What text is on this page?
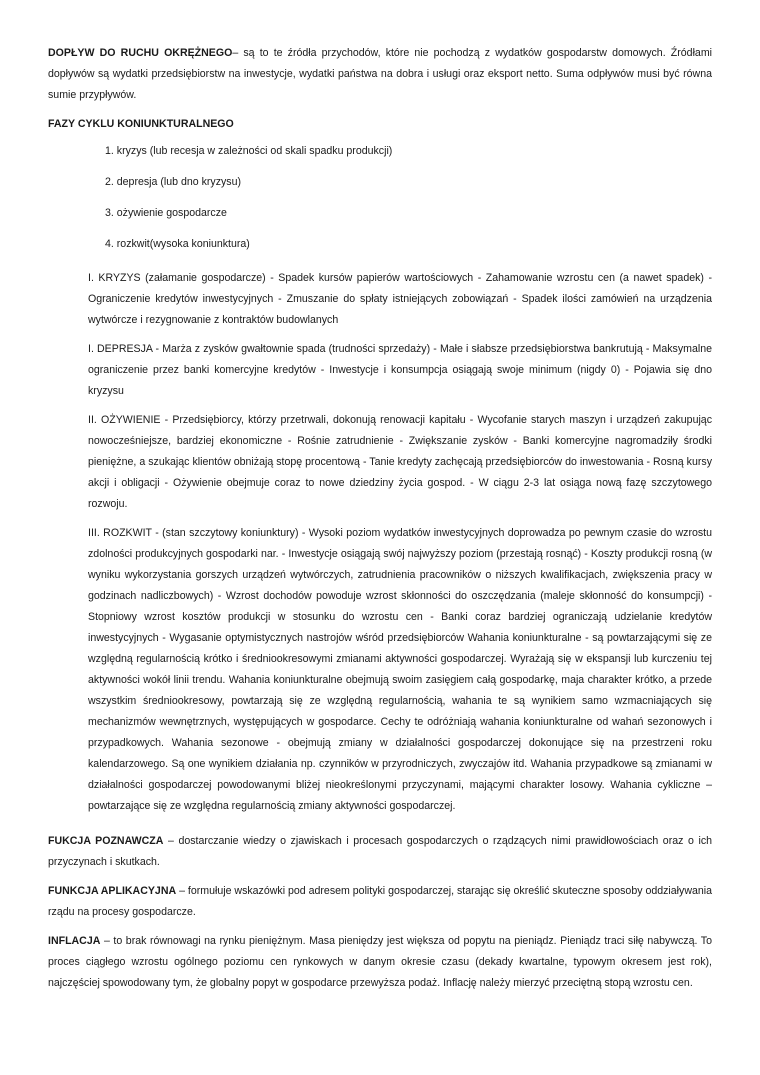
DOPŁYW DO RUCHU OKRĘŻNEGO– są to te źródła przychodów, które nie pochodzą z wydatków gospodarstw domowych. Źródłami dopływów są wydatki przedsiębiorstw na inwestycje, wydatki państwa na dobra i usługi oraz eksport netto. Suma odpływów musi być równa sumie przypływów.

FAZY CYKLU KONIUNKTURALNEGO

1. kryzys (lub recesja w zależności od skali spadku produkcji)

2. depresja (lub dno kryzysu)

3. ożywienie gospodarcze

4. rozkwit(wysoka koniunktura)

I. KRYZYS (załamanie gospodarcze) - Spadek kursów papierów wartościowych - Zahamowanie wzrostu cen (a nawet spadek) - Ograniczenie kredytów inwestycyjnych - Zmuszanie do spłaty istniejących zobowiązań - Spadek ilości zamówień na urządzenia wytwórcze i rezygnowanie z kontraktów budowlanych

I. DEPRESJA - Marża z zysków gwałtownie spada (trudności sprzedaży) - Małe i słabsze przedsiębiorstwa bankrutują - Maksymalne ograniczenie przez banki komercyjne kredytów - Inwestycje i konsumpcja osiągają swoje minimum (nigdy 0) - Pojawia się dno kryzysu

II. OŻYWIENIE - Przedsiębiorcy, którzy przetrwali, dokonują renowacji kapitału - Wycofanie starych maszyn i urządzeń zakupując nowocześniejsze, bardziej ekonomiczne - Rośnie zatrudnienie - Zwiększanie zysków - Banki komercyjne nagromadziły środki pieniężne, a szukając klientów obniżają stopę procentową - Tanie kredyty zachęcają przedsiębiorców do inwestowania - Rosną kursy akcji i obligacji - Ożywienie obejmuje coraz to nowe dziedziny życia gospod. - W ciągu 2-3 lat osiąga nową fazę szczytowego rozwoju.

III. ROZKWIT - (stan szczytowy koniunktury) - Wysoki poziom wydatków inwestycyjnych doprowadza po pewnym czasie do wzrostu zdolności produkcyjnych gospodarki nar. - Inwestycje osiągają swój najwyższy poziom (przestają rosnąć) - Koszty produkcji rosną (w wyniku wykorzystania gorszych urządzeń wytwórczych, zatrudnienia pracowników o niższych kwalifikacjach, zwiększenia pracy w godzinach nadliczbowych) - Wzrost dochodów powoduje wzrost skłonności do oszczędzania (maleje skłonność do konsumpcji) - Stopniowy wzrost kosztów produkcji w stosunku do wzrostu cen - Banki coraz bardziej ograniczają udzielanie kredytów inwestycyjnych - Wygasanie optymistycznych nastrojów wśród przedsiębiorców Wahania koniunkturalne - są powtarzającymi się ze względną regularnością krótko i średniookresowymi zmianami aktywności gospodarczej. Wyrażają się w ekspansji lub kurczeniu tej aktywności wokół linii trendu. Wahania koniunkturalne obejmują swoim zasięgiem całą gospodarkę, maja charakter krótko, a przede wszystkim średniookresowy, powtarzają się ze względną regularnością, wahania te są wynikiem samo wzmacniających się mechanizmów wewnętrznych, występujących w gospodarce. Cechy te odróżniają wahania koniunkturalne od wahań sezonowych i przypadkowych. Wahania sezonowe - obejmują zmiany w działalności gospodarczej dokonujące się na przestrzeni roku kalendarzowego. Są one wynikiem działania np. czynników w przyrodniczych, zwyczajów itd. Wahania przypadkowe są zmianami w działalności gospodarczej powodowanymi bliżej nieokreślonymi przyczynami, mającymi charakter losowy. Wahania cykliczne – powtarzające się ze względna regularnością zmiany aktywności gospodarczej.

FUKCJA POZNAWCZA – dostarczanie wiedzy o zjawiskach i procesach gospodarczych o rządzących nimi prawidłowościach oraz o ich przyczynach i skutkach.

FUNKCJA APLIKACYJNA – formułuje wskazówki pod adresem polityki gospodarczej, starając się określić skuteczne sposoby oddziaływania rządu na procesy gospodarcze.

INFLACJA – to brak równowagi na rynku pieniężnym. Masa pieniędzy jest większa od popytu na pieniądz. Pieniądz traci siłę nabywczą. To proces ciągłego wzrostu ogólnego poziomu cen rynkowych w danym okresie czasu (dekady kwartalne, typowym okresem jest rok), najczęściej spowodowany tym, że globalny popyt w gospodarce przewyższa podaż. Inflację należy mierzyć przeciętną stopą wzrostu cen.
